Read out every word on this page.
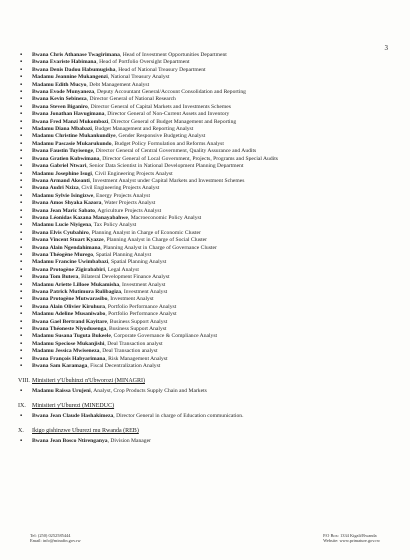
3
▪ Bwana Chris Athanase Twagirimana, Head of Investment Opportunities Department
▪ Bwana Evariste Habimana, Head of Portfolio Oversight Department
▪ Bwana Denis Dadou Habumugisha, Head of National Treasury Department
▪ Madamu Jeannine Mukangenzi, National Treasury Analyst
▪ Madamu Edith Mucyo, Debt Management Analyst
▪ Bwana Evode Munyaneza, Deputy Accountant General/Account Consolidation and Reporting
▪ Bwana Kevin Sebineza, Director General of National Research
▪ Bwana Steven Biganiro, Director General of Capital Markets and Investments Schemes
▪ Bwana Jonathan Havugimana, Director General of Non-Current Assets and Inventory
▪ Bwana Fred Manzi Mukombozi, Director General of Budget Management and Reporting
▪ Madamu Diana Mbabazi, Budget Management and Reporting Analyst
▪ Madamu Christine Mukankundiye, Gender Responsive Budgeting Analyst
▪ Madamu Pascasie Mukarukundo, Budget Policy Formulation and Reforms Analyst
▪ Bwana Faustin Tuyisenge, Director General of Central Government, Quality Assurance and Audits
▪ Bwana Gratien Kubwimana, Director General of Local Government, Projects, Programs and Special Audits
▪ Bwana Gabriel Ntwari, Senior Data Scientist in National Development Planning Department
▪ Madamu Josephine Isugi, Civil Engineering Projects Analyst
▪ Bwana Armand Akeanti, Investment Analyst under Capital Markets and Investment Schemes
▪ Bwana Audri Nziza, Civil Engineering Projects Analyst
▪ Madamu Sylvie Isingizwe, Energy Projects Analyst
▪ Bwana Amos Shyaka Kazora, Water Projects Analyst
▪ Bwana Jean Maric Sabato, Agriculture Projects Analyst
▪ Bwana Léonidas Kazana Manayabahwe, Macroeconomic Policy Analyst
▪ Madamu Lucie Niyigena, Tax Policy Analyst
▪ Bwana Elvis Cyubahiro, Planning Analyst in Charge of Economic Cluster
▪ Bwana Vincent Stuart Kyazze, Planning Analyst in Charge of Social Cluster
▪ Bwana Alain Ngendahimana, Planning Analyst in Charge of Governance Cluster
▪ Bwana Théogène Murego, Spatial Planning Analyst
▪ Madamu Francine Uwimbabazi, Spatial Planning Analyst
▪ Bwana Protogène Zigirababiri, Legal Analyst
▪ Bwana Tom Butera, Bilateral Development Finance Analyst
▪ Madamu Ariette Lilloee Mukamisha, Investment Analyst
▪ Bwana Patrick Mutimura Rulibagiza, Investment Analyst
▪ Bwana Protogène Mutwarasibo, Investment Analyst
▪ Bwana Alain Olivier Kiruhura, Portfolio Performance Analyst
▪ Madamu Adeline Musaniwabo, Portfolio Performance Analyst
▪ Bwana Gael Bertrand Kayitare, Business Support Analyst
▪ Bwana Théoneste Niyodusenga, Business Support Analyst
▪ Madamu Susana Tuguta Bukeele, Corporate Governance & Compliance Analyst
▪ Madamu Speciose Mukanjishi, Deal Transaction analyst
▪ Madamu Jessica Mwiseneza, Deal Transaction analyst
▪ Bwana François Habyarimana, Risk Management Analyst
▪ Bwana Sam Karamaga, Fiscal Decentralization Analyst
VIII. Minisiteri y'Ubuhinzi n'Ubworozi (MINAGRI)
▪ Madamu Raissa Urujeni, Analyst, Crop Products Supply Chain and Markets
IX. Minisiteri y'Uburezi (MINEDUC)
▪ Bwana Jean Claude Hashakimeza, Director General in charge of Education communication.
X. Ikigo gishinzwe Uburezi mu Rwanda (REB)
▪ Bwana Jean Bosco Ntirenganya, Division Manager
Tel: (250) 0252585444
Email: info@minafin.gov.rw
P.O Box: 1334 Kigali/Rwanda
Website: www.primature.gov.rw
